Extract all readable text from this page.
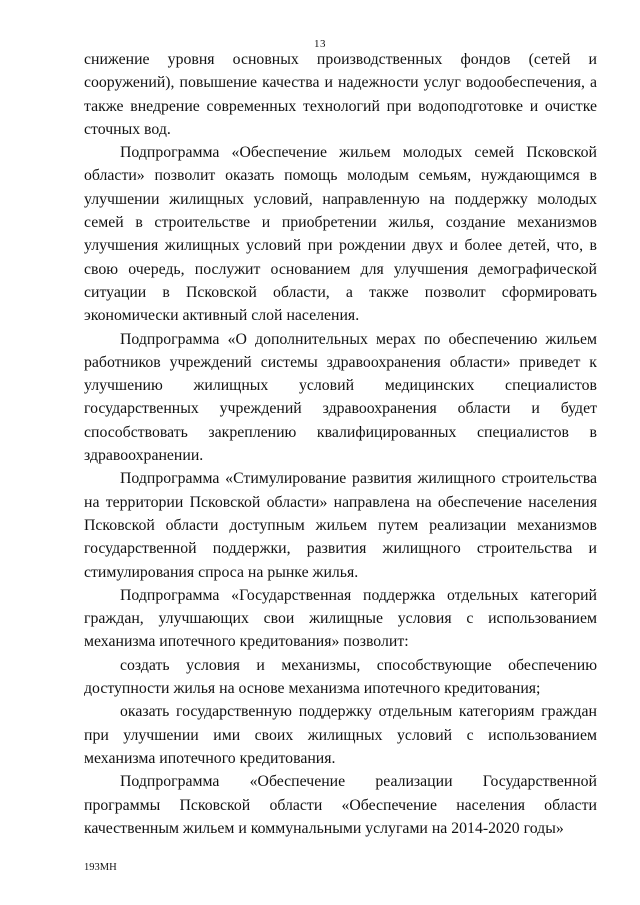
13

снижение уровня основных производственных фондов (сетей и сооружений), повышение качества и надежности услуг водообеспечения, а также внедрение современных технологий при водоподготовке и очистке сточных вод.

Подпрограмма «Обеспечение жильем молодых семей Псковской области» позволит оказать помощь молодым семьям, нуждающимся в улучшении жилищных условий, направленную на поддержку молодых семей в строительстве и приобретении жилья, создание механизмов улучшения жилищных условий при рождении двух и более детей, что, в свою очередь, послужит основанием для улучшения демографической ситуации в Псковской области, а также позволит сформировать экономически активный слой населения.

Подпрограмма «О дополнительных мерах по обеспечению жильем работников учреждений системы здравоохранения области» приведет к улучшению жилищных условий медицинских специалистов государственных учреждений здравоохранения области и будет способствовать закреплению квалифицированных специалистов в здравоохранении.

Подпрограмма «Стимулирование развития жилищного строительства на территории Псковской области» направлена на обеспечение населения Псковской области доступным жильем путем реализации механизмов государственной поддержки, развития жилищного строительства и стимулирования спроса на рынке жилья.

Подпрограмма «Государственная поддержка отдельных категорий граждан, улучшающих свои жилищные условия с использованием механизма ипотечного кредитования» позволит:

создать условия и механизмы, способствующие обеспечению доступности жилья на основе механизма ипотечного кредитования;

оказать государственную поддержку отдельным категориям граждан при улучшении ими своих жилищных условий с использованием механизма ипотечного кредитования.

Подпрограмма «Обеспечение реализации Государственной программы Псковской области «Обеспечение населения области качественным жильем и коммунальными услугами на 2014-2020 годы»

193МН
